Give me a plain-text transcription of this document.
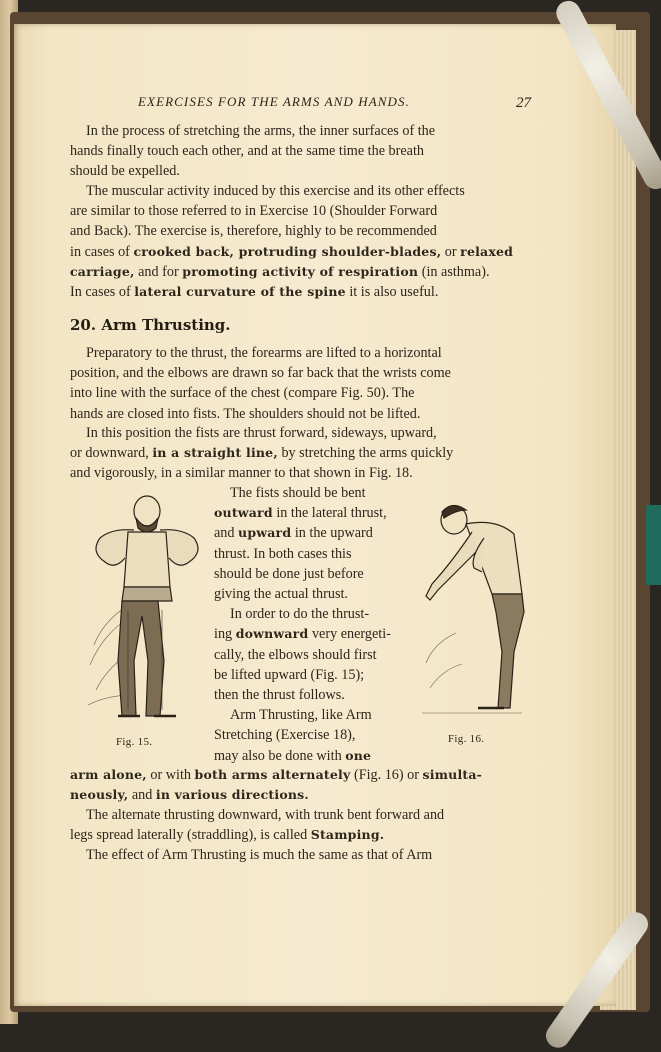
EXERCISES FOR THE ARMS AND HANDS.	27

In the process of stretching the arms, the inner surfaces of the
hands finally touch each other, and at the same time the breath
should be expelled.

The muscular activity induced by this exercise and its other effects
are similar to those referred to in Exercise 10 (Shoulder Forward
and Back). The exercise is, therefore, highly to be recommended
in cases of crooked back, protruding shoulder-blades, or relaxed
carriage, and for promoting activity of respiration (in asthma).
In cases of lateral curvature of the spine it is also useful.

20. Arm Thrusting.

Preparatory to the thrust, the forearms are lifted to a horizontal
position, and the elbows are drawn so far back that the wrists come
into line with the surface of the chest (compare Fig. 50). The
hands are closed into fists. The shoulders should not be lifted.

In this position the fists are thrust forward, sideways, upward,
or downward, in a straight line, by stretching the arms quickly
and vigorously, in a similar manner to that shown in Fig. 18.

Fig. 15.
The fists should be bent
outward in the lateral thrust,
and upward in the upward
thrust. In both cases this
should be done just before
giving the actual thrust.
In order to do the thrust-
ing downward very energeti-
cally, the elbows should first
be lifted upward (Fig. 15);
then the thrust follows.
Arm Thrusting, like Arm
Stretching (Exercise 18),
may also be done with one
Fig. 16.

arm alone, or with both arms alternately (Fig. 16) or simulta-
neously, and in various directions.

The alternate thrusting downward, with trunk bent forward and
legs spread laterally (straddling), is called Stamping.

The effect of Arm Thrusting is much the same as that of Arm
